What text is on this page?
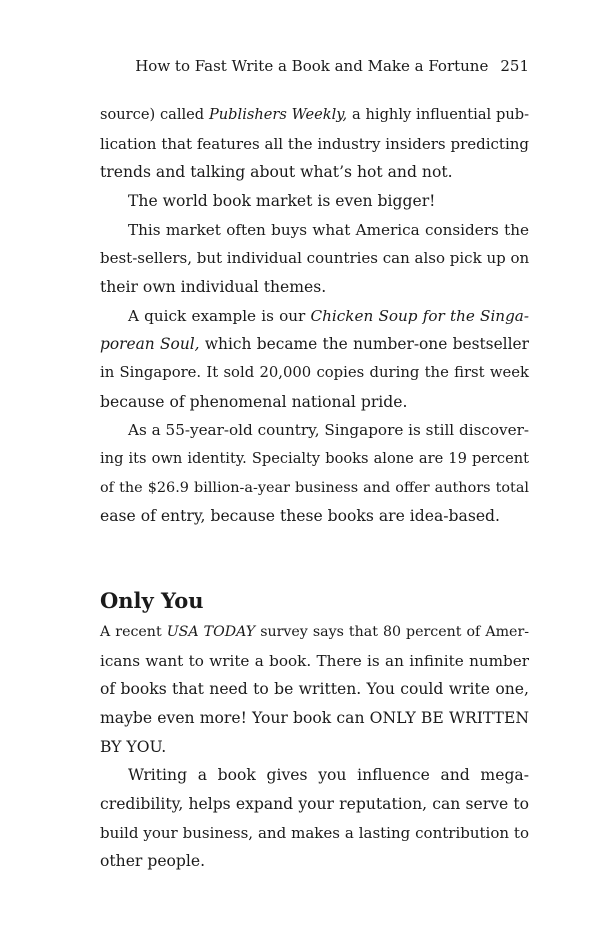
How to Fast Write a Book and Make a Fortune 251
source) called Publishers Weekly, a highly influential pub-
lication that features all the industry insiders predicting
trends and talking about what’s hot and not.
The world book market is even bigger!
This market often buys what America considers the
best-sellers, but individual countries can also pick up on
their own individual themes.
A quick example is our Chicken Soup for the Singa-
porean Soul, which became the number-one bestseller
in Singapore. It sold 20,000 copies during the first week
because of phenomenal national pride.
As a 55-year-old country, Singapore is still discover-
ing its own identity. Specialty books alone are 19 percent
of the $26.9 billion-a-year business and offer authors total
ease of entry, because these books are idea-based.
Only You
A recent USA TODAY survey says that 80 percent of Amer-
icans want to write a book. There is an infinite number
of books that need to be written. You could write one,
maybe even more! Your book can ONLY BE WRITTEN
BY YOU.
Writing a book gives you influence and mega-
credibility, helps expand your reputation, can serve to
build your business, and makes a lasting contribution to
other people.
